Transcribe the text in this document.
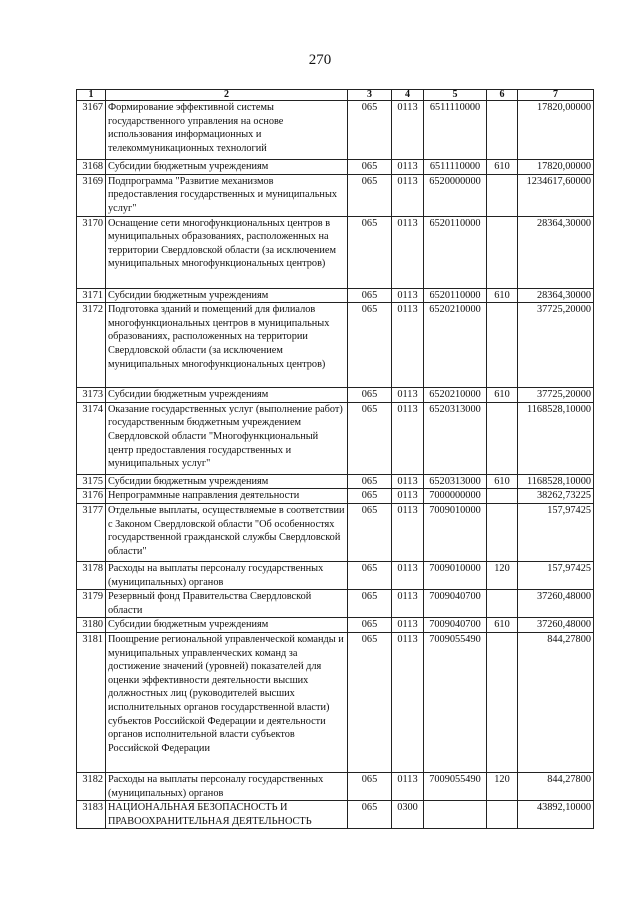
270
1	2	3	4	5	6	7
3167	Формирование эффективной системы государственного управления на основе использования информационных и телекоммуникационных технологий	065	0113	6511110000		17820,00000
3168	Субсидии бюджетным учреждениям	065	0113	6511110000	610	17820,00000
3169	Подпрограмма "Развитие механизмов предоставления государственных и муниципальных услуг"	065	0113	6520000000		1234617,60000
3170	Оснащение сети многофункциональных центров в муниципальных образованиях, расположенных на территории Свердловской области (за исключением муниципальных многофункциональных центров)	065	0113	6520110000		28364,30000
3171	Субсидии бюджетным учреждениям	065	0113	6520110000	610	28364,30000
3172	Подготовка зданий и помещений для филиалов многофункциональных центров в муниципальных образованиях, расположенных на территории Свердловской области (за исключением муниципальных многофункциональных центров)	065	0113	6520210000		37725,20000
3173	Субсидии бюджетным учреждениям	065	0113	6520210000	610	37725,20000
3174	Оказание государственных услуг (выполнение работ) государственным бюджетным учреждением Свердловской области "Многофункциональный центр предоставления государственных и муниципальных услуг"	065	0113	6520313000		1168528,10000
3175	Субсидии бюджетным учреждениям	065	0113	6520313000	610	1168528,10000
3176	Непрограммные направления деятельности	065	0113	7000000000		38262,73225
3177	Отдельные выплаты, осуществляемые в соответствии с Законом Свердловской области "Об особенностях государственной гражданской службы Свердловской области"	065	0113	7009010000		157,97425
3178	Расходы на выплаты персоналу государственных (муниципальных) органов	065	0113	7009010000	120	157,97425
3179	Резервный фонд Правительства Свердловской области	065	0113	7009040700		37260,48000
3180	Субсидии бюджетным учреждениям	065	0113	7009040700	610	37260,48000
3181	Поощрение региональной управленческой команды и муниципальных управленческих команд за достижение значений (уровней) показателей для оценки эффективности деятельности высших должностных лиц (руководителей высших исполнительных органов государственной власти) субъектов Российской Федерации и деятельности органов исполнительной власти субъектов Российской Федерации	065	0113	7009055490		844,27800
3182	Расходы на выплаты персоналу государственных (муниципальных) органов	065	0113	7009055490	120	844,27800
3183	НАЦИОНАЛЬНАЯ БЕЗОПАСНОСТЬ И ПРАВООХРАНИТЕЛЬНАЯ ДЕЯТЕЛЬНОСТЬ	065	0300			43892,10000
